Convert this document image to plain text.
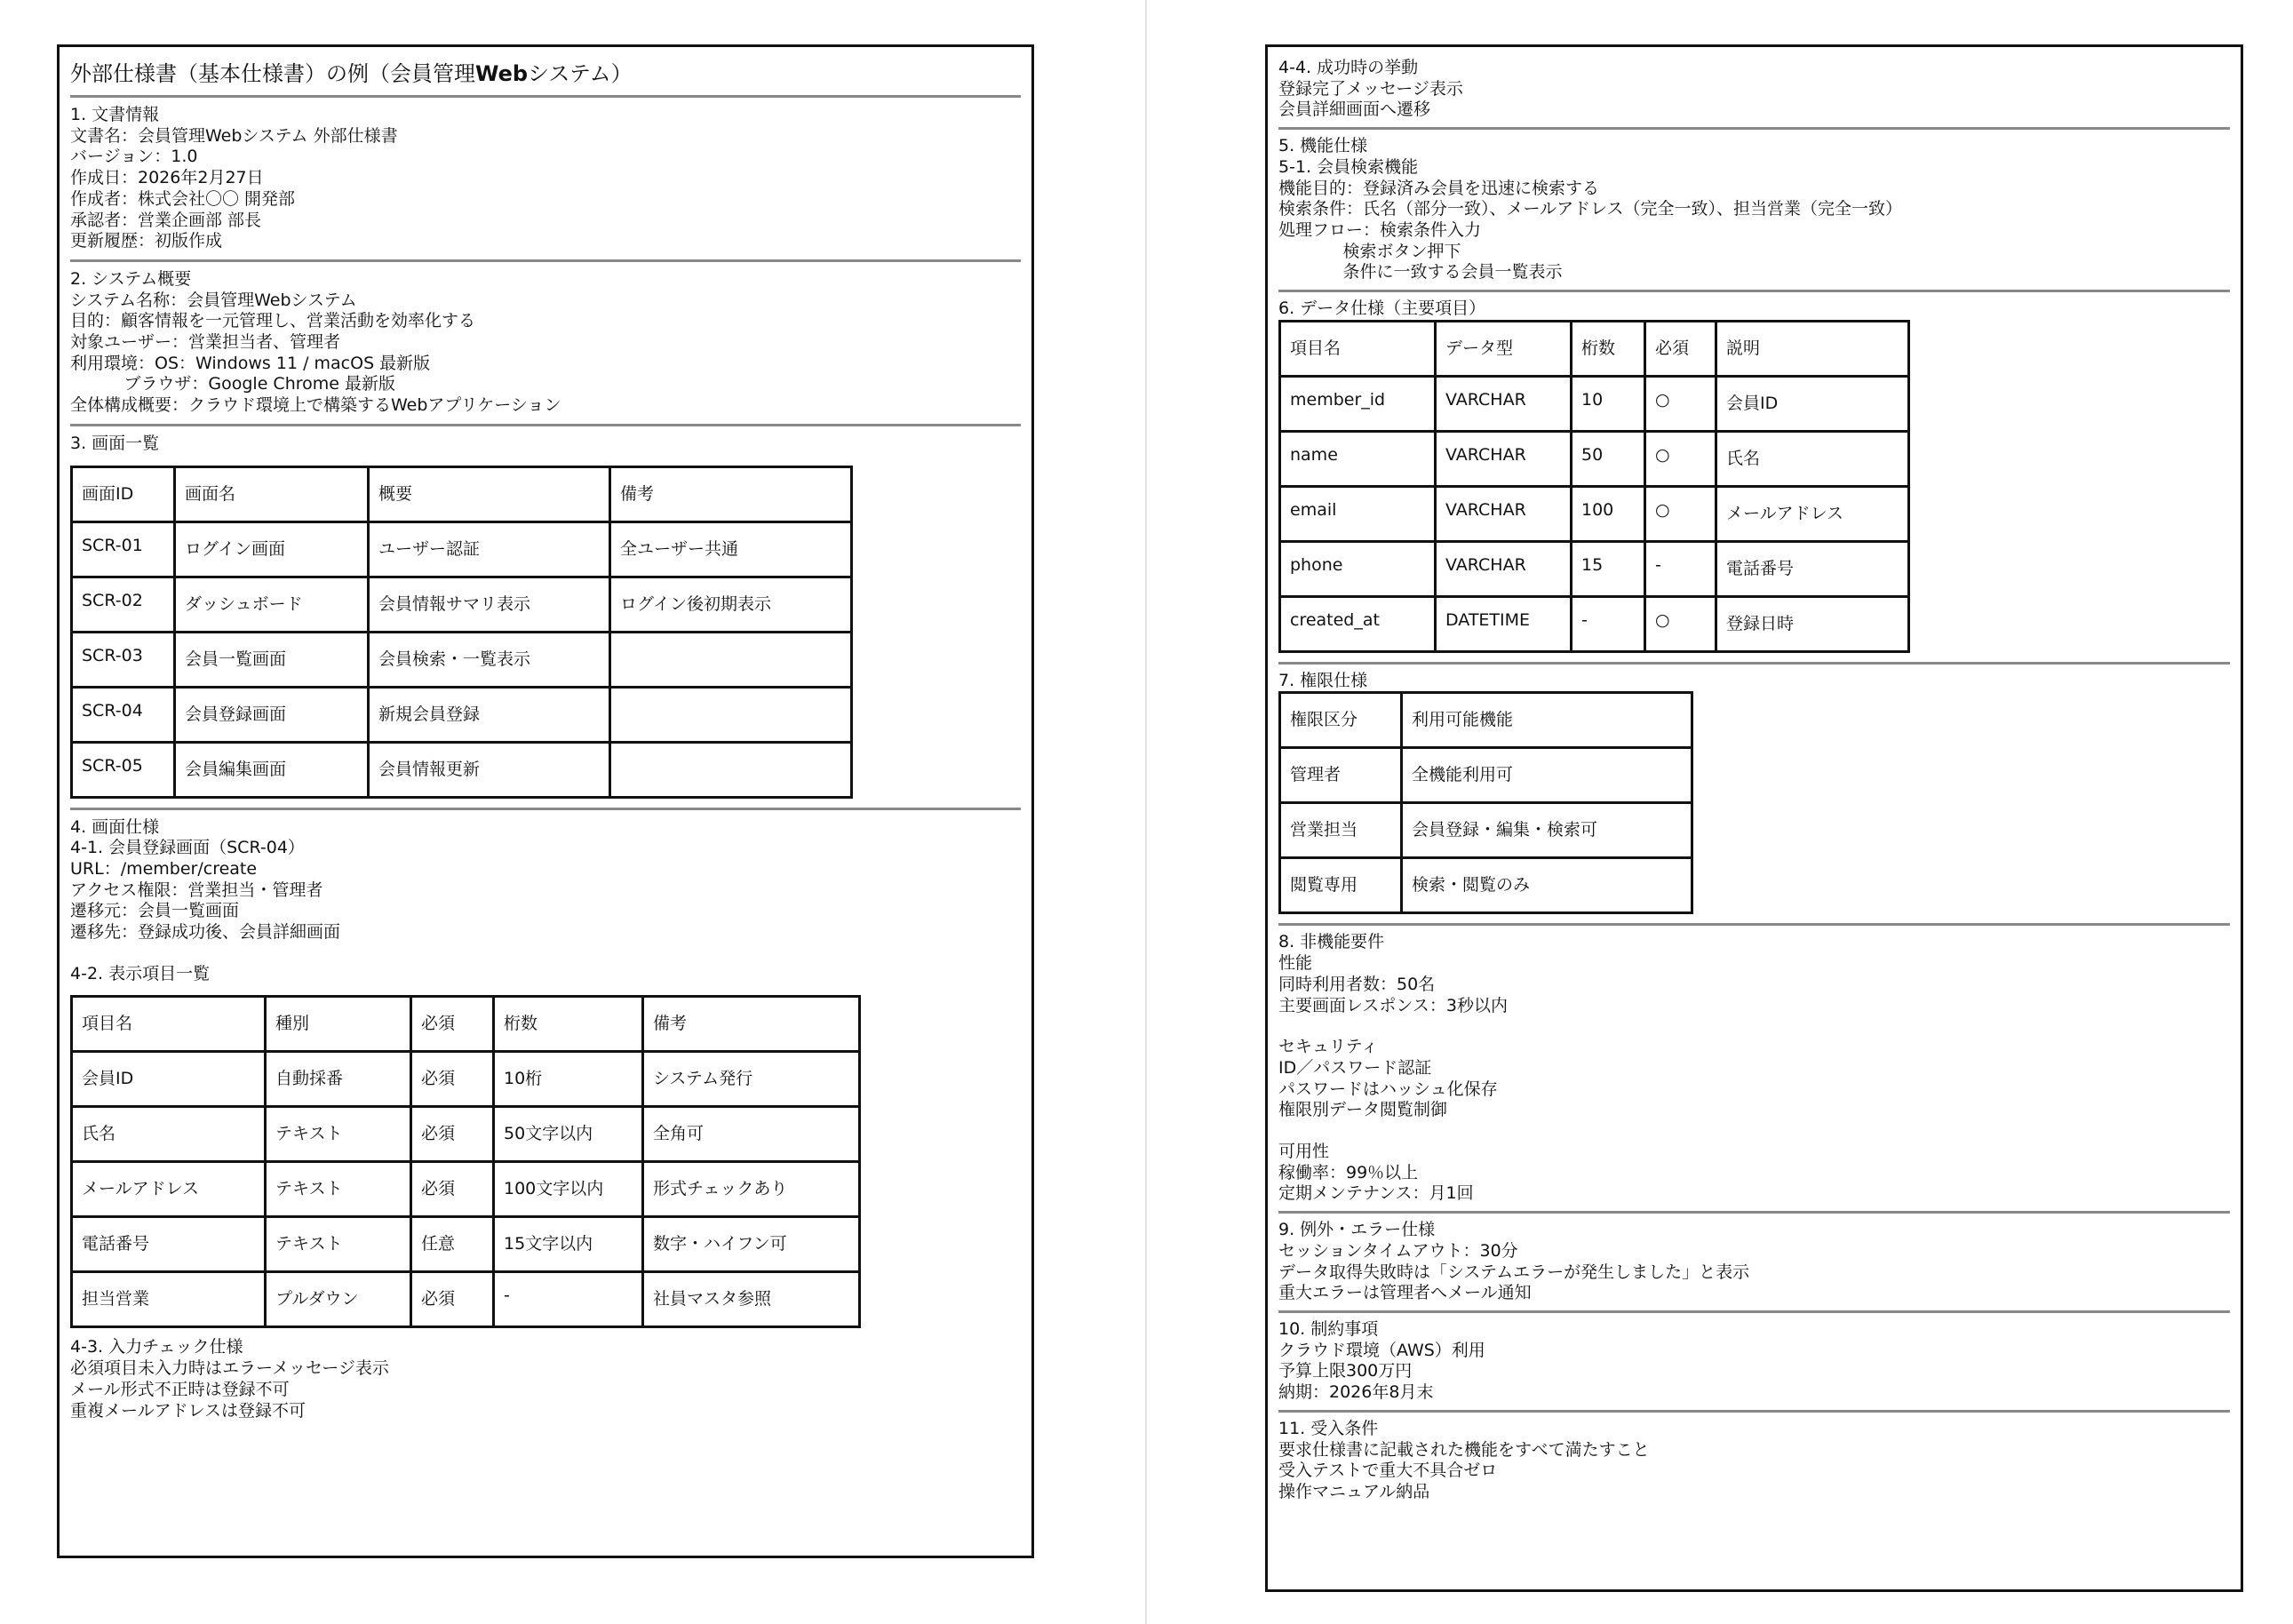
外部仕様書（基本仕様書）の例（会員管理Webシステム）
1. 文書情報
文書名：会員管理Webシステム 外部仕様書
バージョン：1.0
作成日：2026年2月27日
作成者：株式会社〇〇 開発部
承認者：営業企画部 部長
更新履歴：初版作成
2. システム概要
システム名称：会員管理Webシステム
目的：顧客情報を一元管理し、営業活動を効率化する
対象ユーザー：営業担当者、管理者
利用環境：OS：Windows 11 / macOS 最新版
ブラウザ：Google Chrome 最新版
全体構成概要：クラウド環境上で構築するWebアプリケーション
3. 画面一覧
画面ID	画面名	概要	備考
SCR-01	ログイン画面	ユーザー認証	全ユーザー共通
SCR-02	ダッシュボード	会員情報サマリ表示	ログイン後初期表示
SCR-03	会員一覧画面	会員検索・一覧表示	
SCR-04	会員登録画面	新規会員登録	
SCR-05	会員編集画面	会員情報更新	
4. 画面仕様
4-1. 会員登録画面（SCR-04）
URL：/member/create
アクセス権限：営業担当・管理者
遷移元：会員一覧画面
遷移先：登録成功後、会員詳細画面
4-2. 表示項目一覧
項目名	種別	必須	桁数	備考
会員ID	自動採番	必須	10桁	システム発行
氏名	テキスト	必須	50文字以内	全角可
メールアドレス	テキスト	必須	100文字以内	形式チェックあり
電話番号	テキスト	任意	15文字以内	数字・ハイフン可
担当営業	プルダウン	必須	-	社員マスタ参照
4-3. 入力チェック仕様
必須項目未入力時はエラーメッセージ表示
メール形式不正時は登録不可
重複メールアドレスは登録不可
4-4. 成功時の挙動
登録完了メッセージ表示
会員詳細画面へ遷移
5. 機能仕様
5-1. 会員検索機能
機能目的：登録済み会員を迅速に検索する
検索条件：氏名（部分一致）、メールアドレス（完全一致）、担当営業（完全一致）
処理フロー：検索条件入力
検索ボタン押下
条件に一致する会員一覧表示
6. データ仕様（主要項目）
項目名	データ型	桁数	必須	説明
member_id	VARCHAR	10	○	会員ID
name	VARCHAR	50	○	氏名
email	VARCHAR	100	○	メールアドレス
phone	VARCHAR	15	-	電話番号
created_at	DATETIME	-	○	登録日時
7. 権限仕様
権限区分	利用可能機能
管理者	全機能利用可
営業担当	会員登録・編集・検索可
閲覧専用	検索・閲覧のみ
8. 非機能要件
性能
同時利用者数：50名
主要画面レスポンス：3秒以内
セキュリティ
ID／パスワード認証
パスワードはハッシュ化保存
権限別データ閲覧制御
可用性
稼働率：99％以上
定期メンテナンス：月1回
9. 例外・エラー仕様
セッションタイムアウト：30分
データ取得失敗時は「システムエラーが発生しました」と表示
重大エラーは管理者へメール通知
10. 制約事項
クラウド環境（AWS）利用
予算上限300万円
納期：2026年8月末
11. 受入条件
要求仕様書に記載された機能をすべて満たすこと
受入テストで重大不具合ゼロ
操作マニュアル納品
